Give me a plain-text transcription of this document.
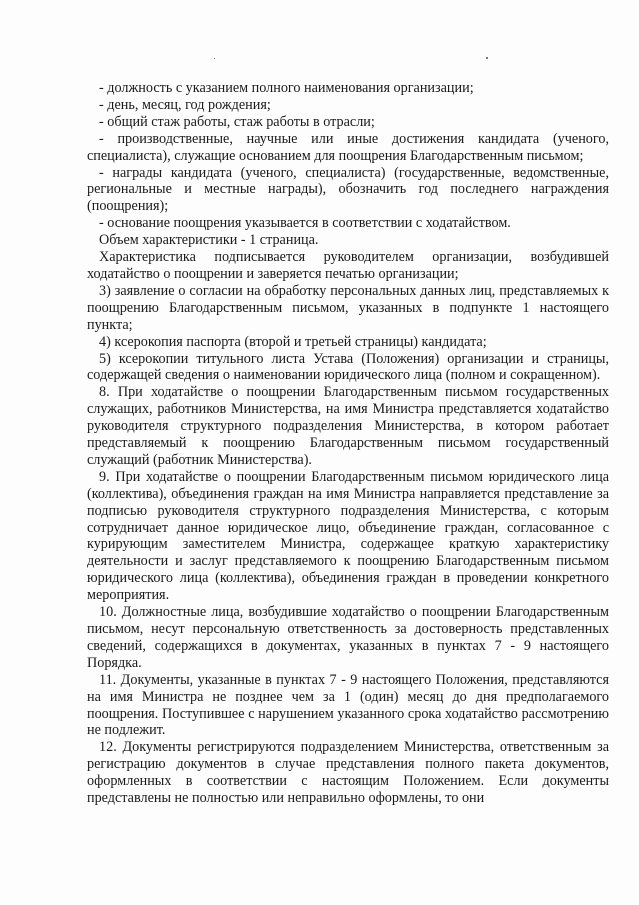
- должность с указанием полного наименования организации;

- день, месяц, год рождения;

- общий стаж работы, стаж работы в отрасли;

- производственные, научные или иные достижения кандидата (ученого, специалиста), служащие основанием для поощрения Благодарственным письмом;

- награды кандидата (ученого, специалиста) (государственные, ведомственные, региональные и местные награды), обозначить год последнего награждения (поощрения);

- основание поощрения указывается в соответствии с ходатайством.

Объем характеристики - 1 страница.

Характеристика подписывается руководителем организации, возбудившей ходатайство о поощрении и заверяется печатью организации;

3) заявление о согласии на обработку персональных данных лиц, представляемых к поощрению Благодарственным письмом, указанных в подпункте 1 настоящего пункта;

4) ксерокопия паспорта (второй и третьей страницы) кандидата;

5) ксерокопии титульного листа Устава (Положения) организации и страницы, содержащей сведения о наименовании юридического лица (полном и сокращенном).

8. При ходатайстве о поощрении Благодарственным письмом государственных служащих, работников Министерства, на имя Министра представляется ходатайство руководителя структурного подразделения Министерства, в котором работает представляемый к поощрению Благодарственным письмом государственный служащий (работник Министерства).

9. При ходатайстве о поощрении Благодарственным письмом юридического лица (коллектива), объединения граждан на имя Министра направляется представление за подписью руководителя структурного подразделения Министерства, с которым сотрудничает данное юридическое лицо, объединение граждан, согласованное с курирующим заместителем Министра, содержащее краткую характеристику деятельности и заслуг представляемого к поощрению Благодарственным письмом юридического лица (коллектива), объединения граждан в проведении конкретного мероприятия.

10. Должностные лица, возбудившие ходатайство о поощрении Благодарственным письмом, несут персональную ответственность за достоверность представленных сведений, содержащихся в документах, указанных в пунктах 7 - 9 настоящего Порядка.

11. Документы, указанные в пунктах 7 - 9 настоящего Положения, представляются на имя Министра не позднее чем за 1 (один) месяц до дня предполагаемого поощрения. Поступившее с нарушением указанного срока ходатайство рассмотрению не подлежит.

12. Документы регистрируются подразделением Министерства, ответственным за регистрацию документов в случае представления полного пакета документов, оформленных в соответствии с настоящим Положением. Если документы представлены не полностью или неправильно оформлены, то они
